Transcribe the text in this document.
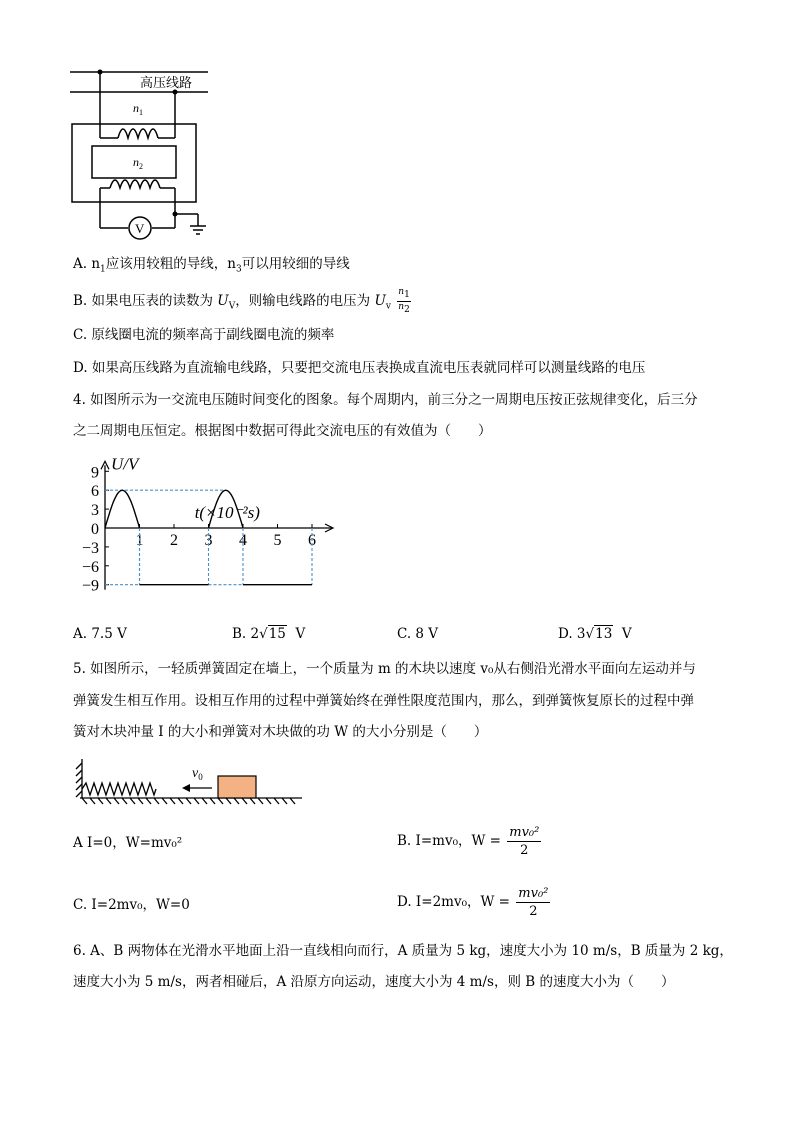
高压线路
$n_1$
$n_2$
V
A. $n_1$应该用较粗的导线，$n_3$可以用较细的导线
B. 如果电压表的读数为 $U_V$，则输电线路的电压为 $U_v \frac{n_1}{n_2}$
C. 原线圈电流的频率高于副线圈电流的频率
D. 如果高压线路为直流输电线路，只要把交流电压表换成直流电压表就同样可以测量线路的电压
4. 如图所示为一交流电压随时间变化的图象。每个周期内，前三分之一周期电压按正弦规律变化，后三分
之二周期电压恒定。根据图中数据可得此交流电压的有效值为（　　）
9
6
3
0
−3
−6
−9
1 2 3 4 5 6
U/V
t(×10⁻²s)
A. 7.5 V	B. 2√15 V	C. 8 V	D. 3√13 V
5. 如图所示，一轻质弹簧固定在墙上，一个质量为 m 的木块以速度 v₀从右侧沿光滑水平面向左运动并与
弹簧发生相互作用。设相互作用的过程中弹簧始终在弹性限度范围内，那么，到弹簧恢复原长的过程中弹
簧对木块冲量 I 的大小和弹簧对木块做的功 W 的大小分别是（　　）
$v_0$
A I=0，W=mv₀²	B. I=mv₀，$W = \frac{\text{mv₀²}}{2}$
C. I=2mv₀，W=0	D. I=2mv₀，$W = \frac{\text{mv₀²}}{2}$
6. A、B 两物体在光滑水平地面上沿一直线相向而行，A 质量为 5 kg，速度大小为 10 m/s，B 质量为 2 kg，
速度大小为 5 m/s，两者相碰后，A 沿原方向运动，速度大小为 4 m/s，则 B 的速度大小为（　　）
